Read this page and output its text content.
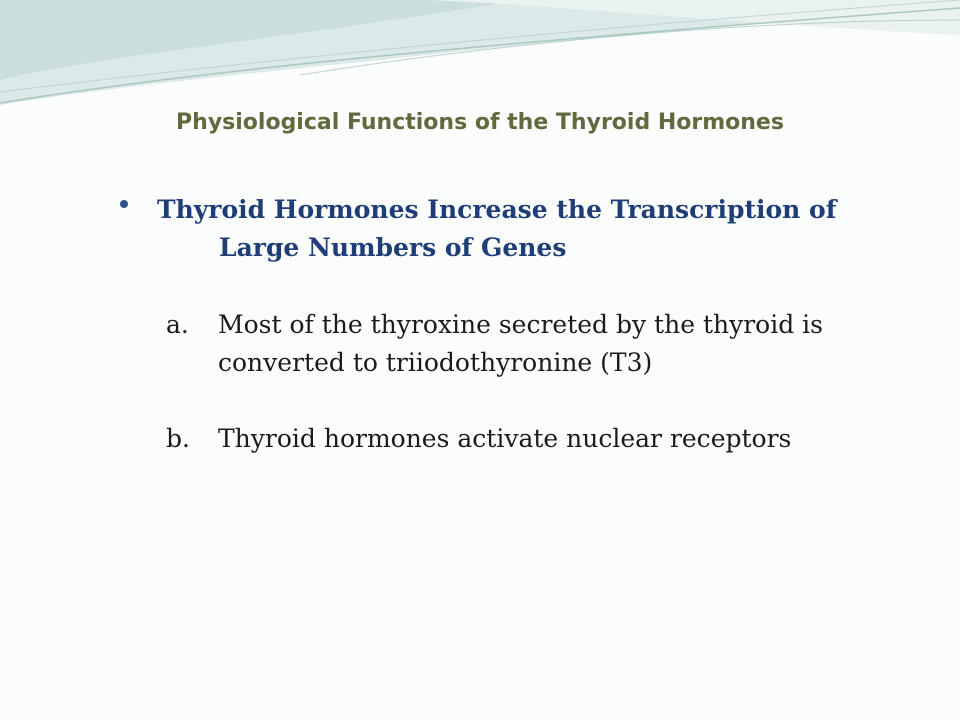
Physiological Functions of the Thyroid Hormones
Thyroid Hormones Increase the Transcription of
Large Numbers of Genes
a.	Most of the thyroxine secreted by the thyroid is
converted to triiodothyronine (T3)
b.	Thyroid hormones activate nuclear receptors
